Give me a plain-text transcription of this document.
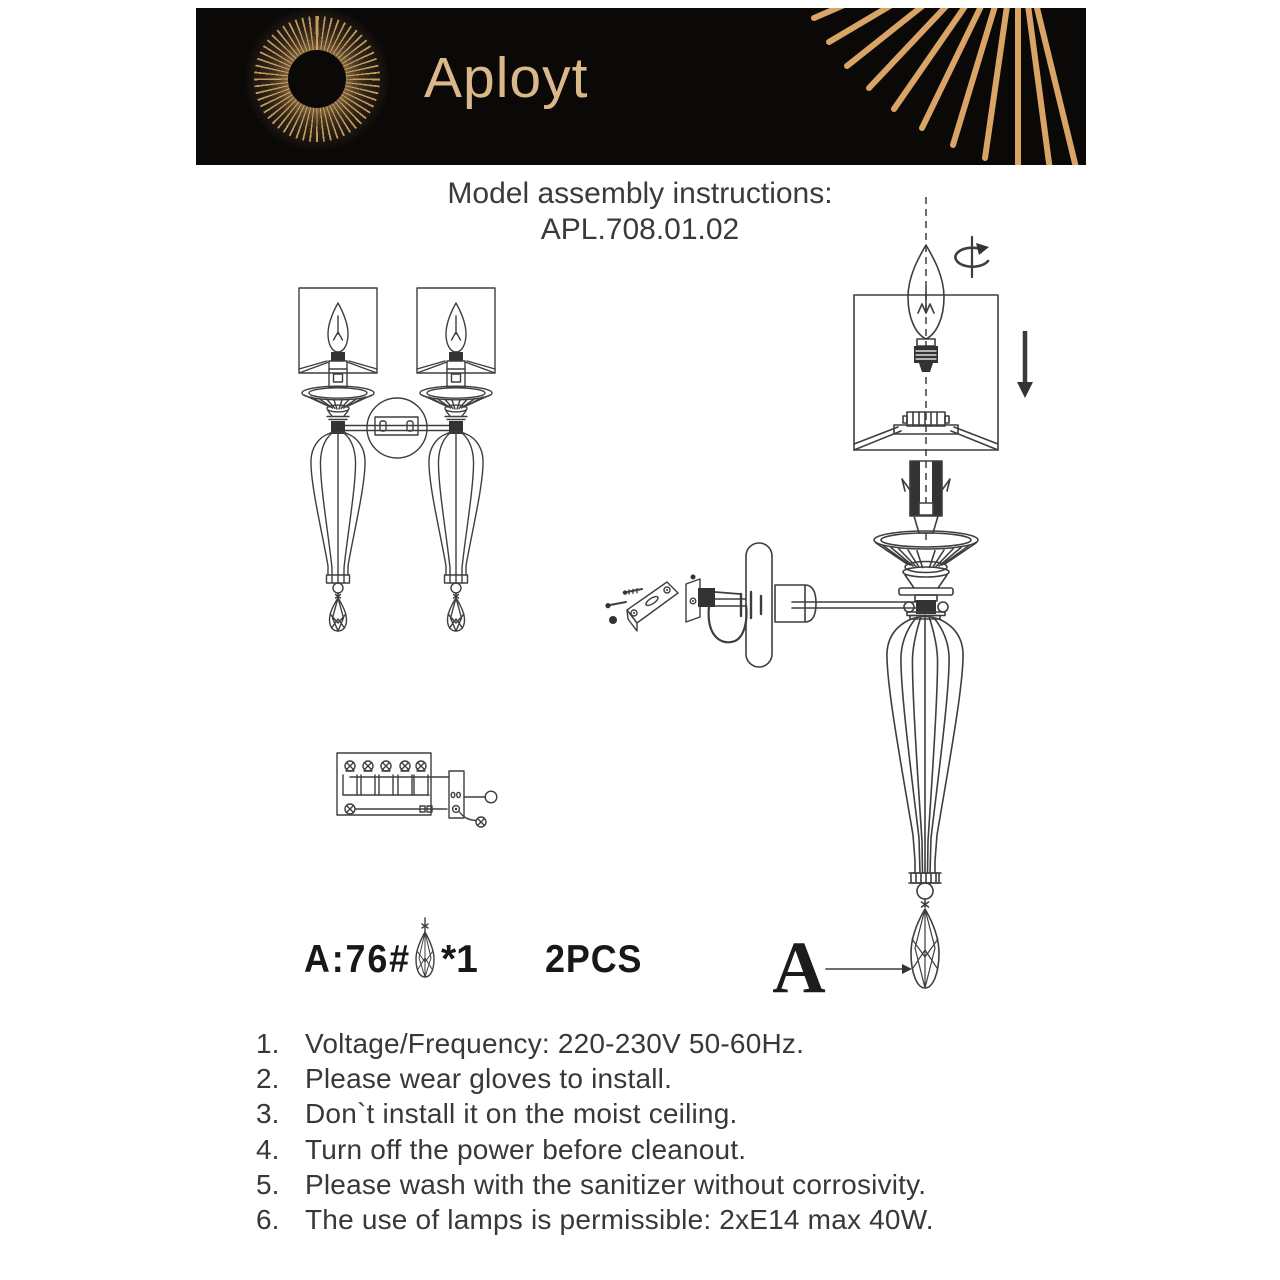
Aployt
Model assembly instructions:
APL.708.01.02
A
A:76# *1 2PCS
1. Voltage/Frequency: 220-230V 50-60Hz.
2. Please wear gloves to install.
3. Don`t install it on the moist ceiling.
4. Turn off the power before cleanout.
5. Please wash with the sanitizer without corrosivity.
6. The use of lamps is permissible: 2xE14 max 40W.
